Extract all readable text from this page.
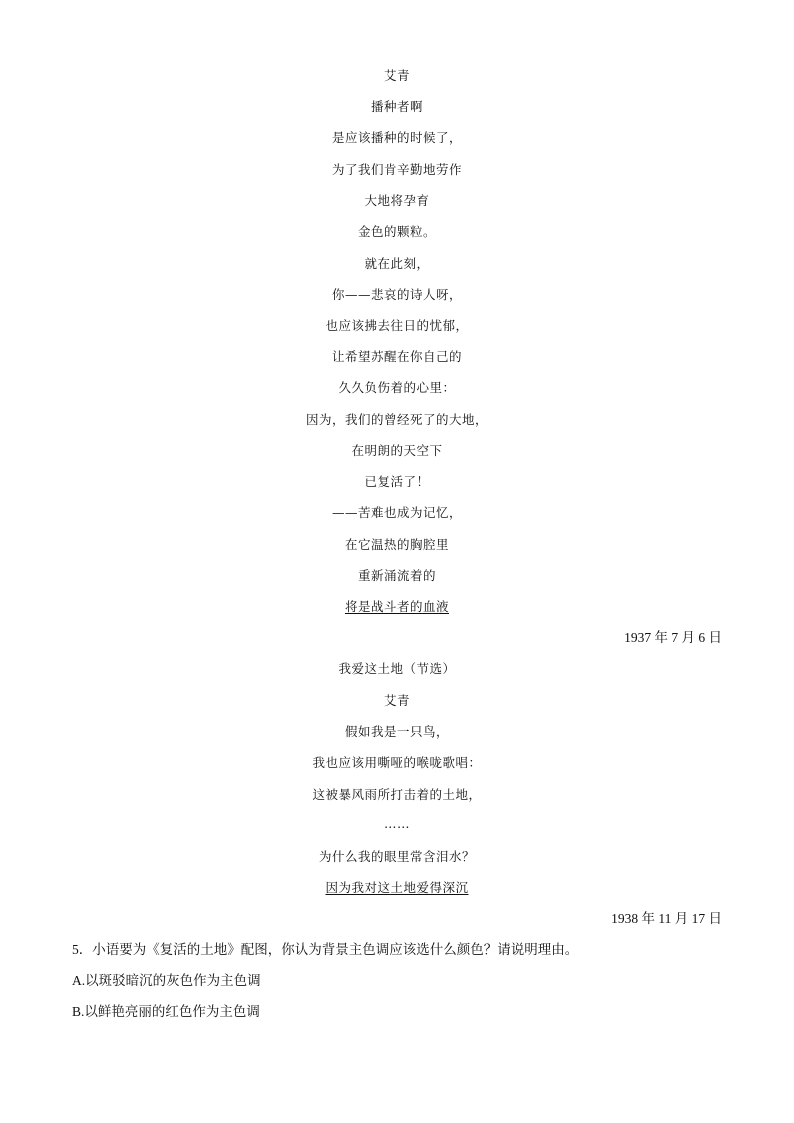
艾青
播种者啊
是应该播种的时候了，
为了我们肯辛勤地劳作
大地将孕育
金色的颗粒。
就在此刻，
你——悲哀的诗人呀，
也应该拂去往日的忧郁，
让希望苏醒在你自己的
久久负伤着的心里：
因为，我们的曾经死了的大地，
在明朗的天空下
已复活了！
——苦难也成为记忆，
在它温热的胸腔里
重新涌流着的
将是战斗者的血液
1937 年 7 月 6 日
我爱这土地（节选）
艾青
假如我是一只鸟，
我也应该用嘶哑的喉咙歌唱：
这被暴风雨所打击着的土地，
……
为什么我的眼里常含泪水？
因为我对这土地爱得深沉
1938 年 11 月 17 日
5．小语要为《复活的土地》配图，你认为背景主色调应该选什么颜色？请说明理由。
A.以斑驳暗沉的灰色作为主色调
B.以鲜艳亮丽的红色作为主色调
